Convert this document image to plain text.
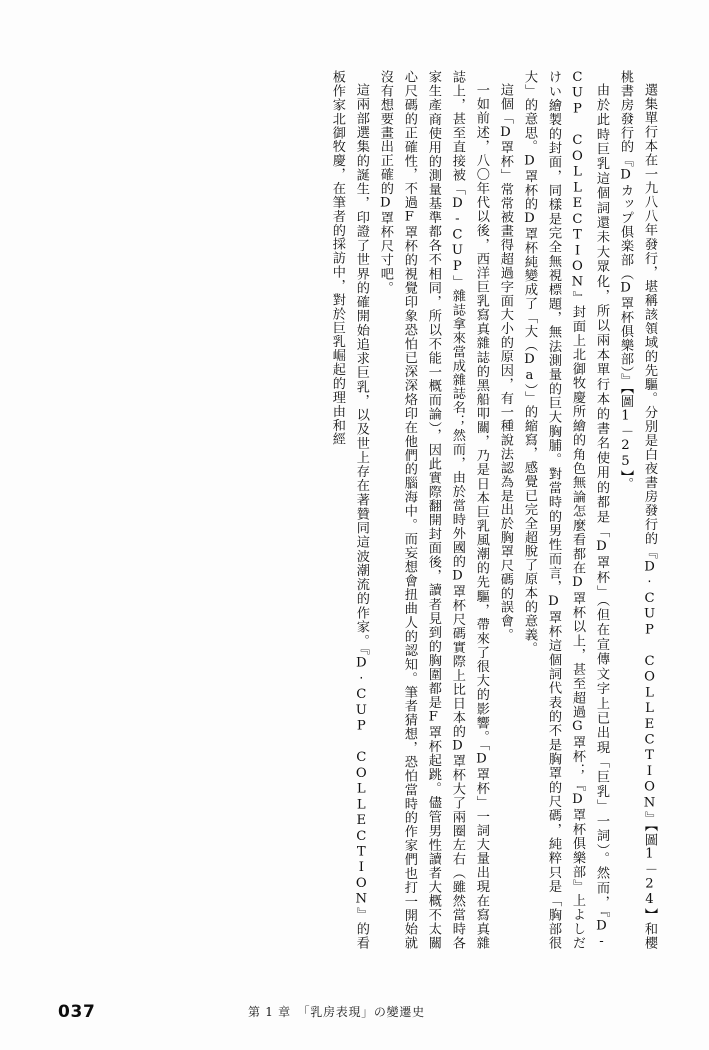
選集單行本在一九八八年發行，堪稱該領域的先驅。分別是白夜書房發行的『D‧CUP COLLECTION』【圖1－24】和櫻桃書房發行的『Dカップ俱楽部（D罩杯俱樂部）』【圖1－25】。

由於此時巨乳這個詞還未大眾化，所以兩本單行本的書名使用的都是「D罩杯」（但在宣傳文字上已出現「巨乳」一詞）。然而，『D-CUP COLLECTION』封面上北御牧慶所繪的角色無論怎麼看都在D罩杯以上，甚至超過G罩杯；『D罩杯俱樂部』上よしだけい繪製的封面，同樣是完全無視標題，無法測量的巨大胸脯。對當時的男性而言，D罩杯這個詞代表的不是胸罩的尺碼，純粹只是「胸部很大」的意思。D罩杯的D罩杯純變成了「大（Da）」的縮寫，感覺已完全超脫了原本的意義。

這個「D罩杯」常常被畫得超過字面大小的原因，有一種說法認為是出於胸罩尺碼的誤會。

一如前述，八〇年代以後，西洋巨乳寫真雜誌的黑船叩關，乃是日本巨乳風潮的先驅，帶來了很大的影響。「D罩杯」一詞大量出現在寫真雜誌上，甚至直接被「D-CUP」雜誌拿來當成雜誌名；然而，由於當時外國的D罩杯尺碼實際上比日本的D罩杯大了兩圈左右（雖然當時各家生產商使用的測量基準都各不相同，所以不能一概而論），因此實際翻開封面後，讀者見到的胸圍都是F罩杯起跳。儘管男性讀者大概不太關心尺碼的正確性，不過F罩杯的視覺印象恐怕已深深烙印在他們的腦海中。而妄想會扭曲人的認知。筆者猜想，恐怕當時的作家們也打一開始就沒有想要畫出正確的D罩杯尺寸吧。

這兩部選集的誕生，印證了世界的確開始追求巨乳，以及世上存在著贊同這波潮流的作家。『D‧CUP COLLECTION』的看板作家北御牧慶，在筆者的採訪中，對於巨乳崛起的理由和經

037	第 1 章　「乳房表現」の變遷史
